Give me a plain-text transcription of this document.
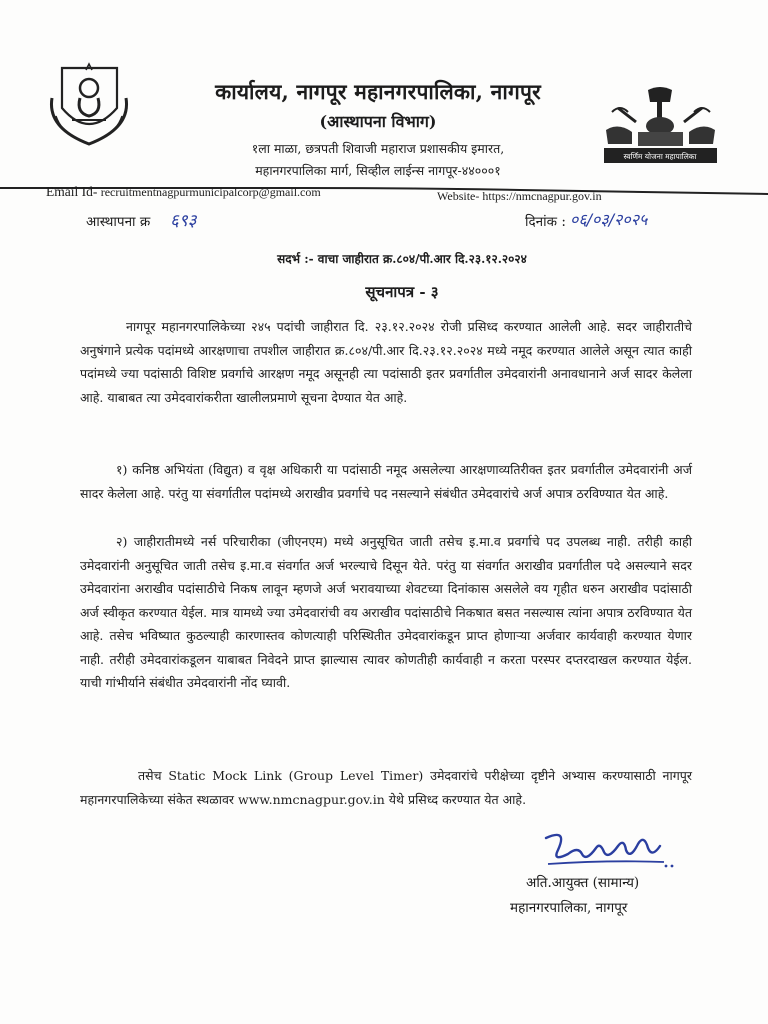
स्वर्णिम योजना महापालिका
कार्यालय, नागपूर महानगरपालिका, नागपूर
(आस्थापना विभाग)
१ला माळा, छत्रपती शिवाजी महाराज प्रशासकीय इमारत,
महानगरपालिका मार्ग, सिव्हील लाईन्स नागपूर-४४०००१
Email Id- recruitmentnagpurmunicipalcorp@gmail.com	Website- https://nmcnagpur.gov.in
आस्थापना क्र ६९३	दिनांक : ०६/०३/२०२५
सदर्भ :- वाचा जाहीरात क्र.८०४/पी.आर दि.२३.१२.२०२४
सूचनापत्र - ३
नागपूर महानगरपालिकेच्या २४५ पदांची जाहीरात दि. २३.१२.२०२४ रोजी प्रसिध्द करण्यात आलेली आहे. सदर जाहीरातीचे अनुषंगाने प्रत्येक पदांमध्ये आरक्षणाचा तपशील जाहीरात क्र.८०४/पी.आर दि.२३.१२.२०२४ मध्ये नमूद करण्यात आलेले असून त्यात काही पदांमध्ये ज्या पदांसाठी विशिष्ट प्रवर्गाचे आरक्षण नमूद असूनही त्या पदांसाठी इतर प्रवर्गातील उमेदवारांनी अनावधानाने अर्ज सादर केलेला आहे. याबाबत त्या उमेदवारांकरीता खालीलप्रमाणे सूचना देण्यात येत आहे.
१) कनिष्ठ अभियंता (विद्युत) व वृक्ष अधिकारी या पदांसाठी नमूद असलेल्या आरक्षणाव्यतिरीक्त इतर प्रवर्गातील उमेदवारांनी अर्ज सादर केलेला आहे. परंतु या संवर्गातील पदांमध्ये अराखीव प्रवर्गाचे पद नसल्याने संबंधीत उमेदवारांचे अर्ज अपात्र ठरविण्यात येत आहे.
२) जाहीरातीमध्ये नर्स परिचारीका (जीएनएम) मध्ये अनुसूचित जाती तसेच इ.मा.व प्रवर्गाचे पद उपलब्ध नाही. तरीही काही उमेदवारांनी अनुसूचित जाती तसेच इ.मा.व संवर्गात अर्ज भरल्याचे दिसून येते. परंतु या संवर्गात अराखीव प्रवर्गातील पदे असल्याने सदर उमेदवारांना अराखीव पदांसाठीचे निकष लावून म्हणजे अर्ज भरावयाच्या शेवटच्या दिनांकास असलेले वय गृहीत धरुन अराखीव पदांसाठी अर्ज स्वीकृत करण्यात येईल. मात्र यामध्ये ज्या उमेदवारांची वय अराखीव पदांसाठीचे निकषात बसत नसल्यास त्यांना अपात्र ठरविण्यात येत आहे. तसेच भविष्यात कुठल्याही कारणास्तव कोणत्याही परिस्थितीत उमेदवारांकडून प्राप्त होणाऱ्या अर्जवार कार्यवाही करण्यात येणार नाही. तरीही उमेदवारांकडूलन याबाबत निवेदने प्राप्त झाल्यास त्यावर कोणतीही कार्यवाही न करता परस्पर दप्तरदाखल करण्यात येईल. याची गांभीर्याने संबंधीत उमेदवारांनी नोंद घ्यावी.
तसेच Static Mock Link (Group Level Timer) उमेदवारांचे परीक्षेच्या दृष्टीने अभ्यास करण्यासाठी नागपूर महानगरपालिकेच्या संकेत स्थळावर www.nmcnagpur.gov.in येथे प्रसिध्द करण्यात येत आहे.
अति.आयुक्त (सामान्य)
महानगरपालिका, नागपूर
